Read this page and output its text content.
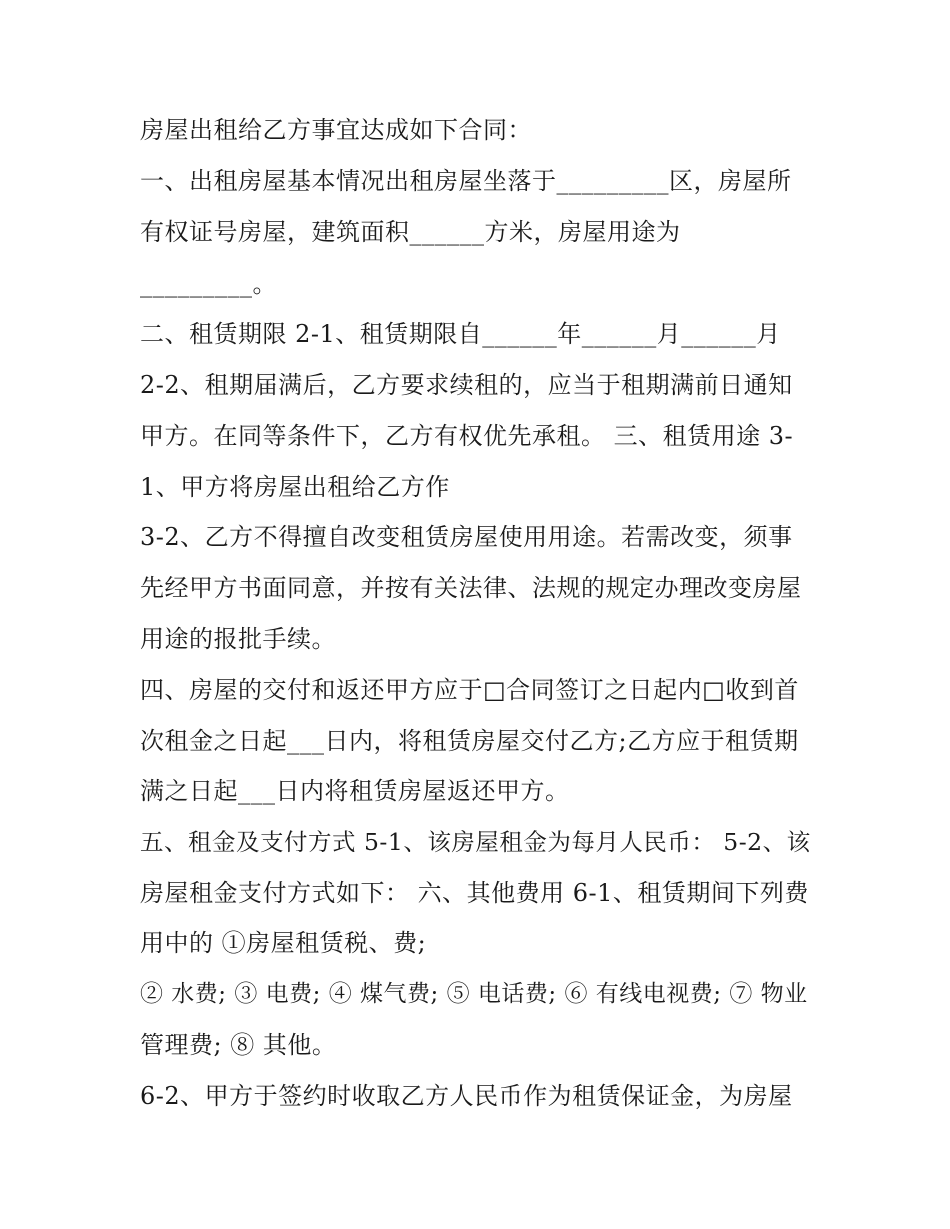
房屋出租给乙方事宜达成如下合同：
一、出租房屋基本情况出租房屋坐落于_________区，房屋所
有权证号房屋，建筑面积______方米，房屋用途为
_________。
二、租赁期限 2-1、租赁期限自______年______月______月
2-2、租期届满后，乙方要求续租的，应当于租期满前日通知
甲方。在同等条件下，乙方有权优先承租。 三、租赁用途 3-
1、甲方将房屋出租给乙方作
3-2、乙方不得擅自改变租赁房屋使用用途。若需改变，须事
先经甲方书面同意，并按有关法律、法规的规定办理改变房屋
用途的报批手续。
四、房屋的交付和返还甲方应于□合同签订之日起内□收到首
次租金之日起___日内，将租赁房屋交付乙方;乙方应于租赁期
满之日起___日内将租赁房屋返还甲方。
五、租金及支付方式 5-1、该房屋租金为每月人民币： 5-2、该
房屋租金支付方式如下： 六、其他费用 6-1、租赁期间下列费
用中的 ①房屋租赁税、费;
② 水费; ③ 电费; ④ 煤气费; ⑤ 电话费; ⑥ 有线电视费; ⑦ 物业
管理费; ⑧ 其他。
6-2、甲方于签约时收取乙方人民币作为租赁保证金，为房屋
